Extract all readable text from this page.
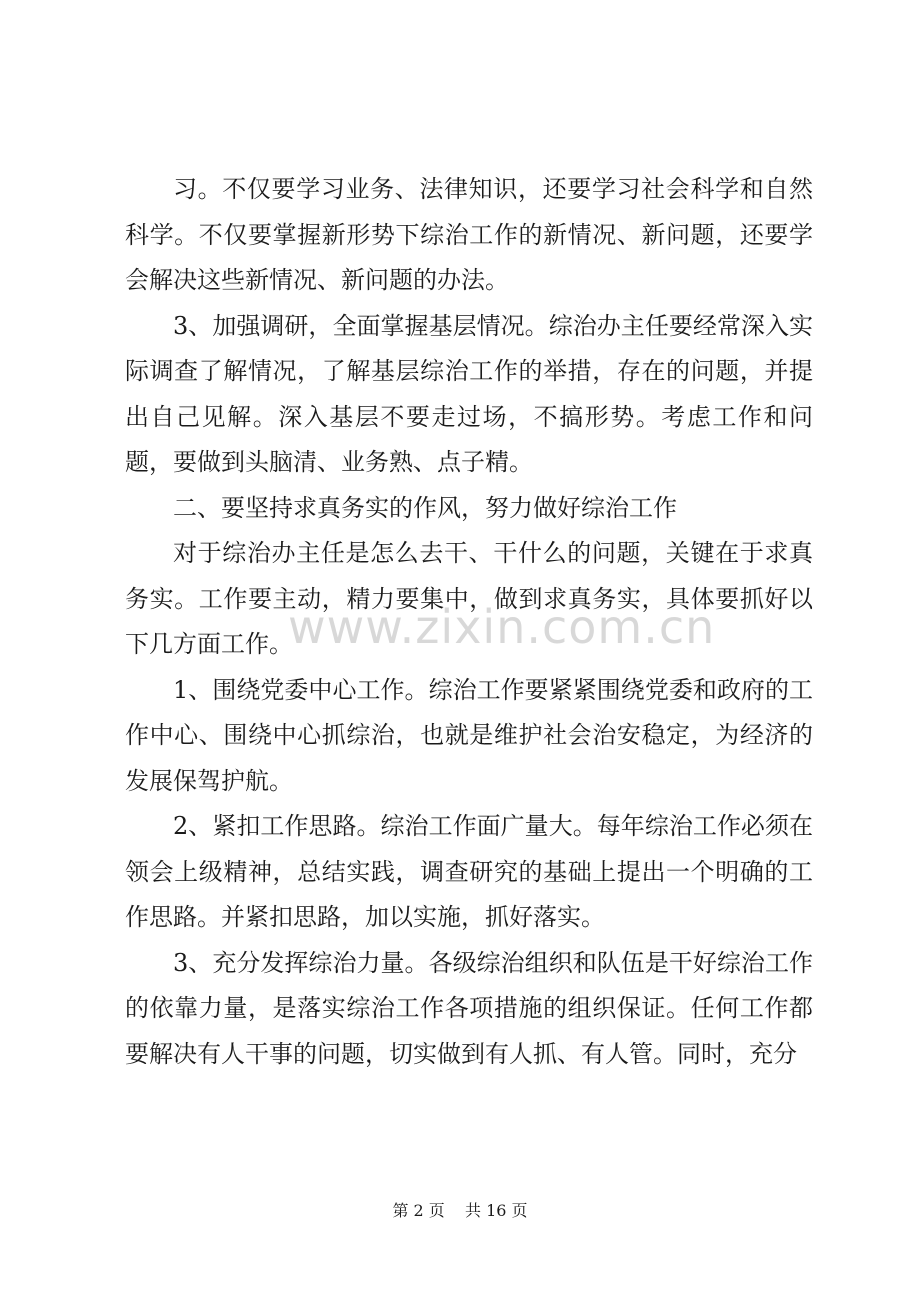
习。不仅要学习业务、法律知识，还要学习社会科学和自然科学。不仅要掌握新形势下综治工作的新情况、新问题，还要学会解决这些新情况、新问题的办法。

3、加强调研，全面掌握基层情况。综治办主任要经常深入实际调查了解情况，了解基层综治工作的举措，存在的问题，并提出自己见解。深入基层不要走过场，不搞形势。考虑工作和问题，要做到头脑清、业务熟、点子精。

二、要坚持求真务实的作风，努力做好综治工作

对于综治办主任是怎么去干、干什么的问题，关键在于求真务实。工作要主动，精力要集中，做到求真务实，具体要抓好以下几方面工作。

1、围绕党委中心工作。综治工作要紧紧围绕党委和政府的工作中心、围绕中心抓综治，也就是维护社会治安稳定，为经济的发展保驾护航。

2、紧扣工作思路。综治工作面广量大。每年综治工作必须在领会上级精神，总结实践，调查研究的基础上提出一个明确的工作思路。并紧扣思路，加以实施，抓好落实。

3、充分发挥综治力量。各级综治组织和队伍是干好综治工作的依靠力量，是落实综治工作各项措施的组织保证。任何工作都要解决有人干事的问题，切实做到有人抓、有人管。同时，充分

www.zixin.com.cn
第 2 页 共 16 页
